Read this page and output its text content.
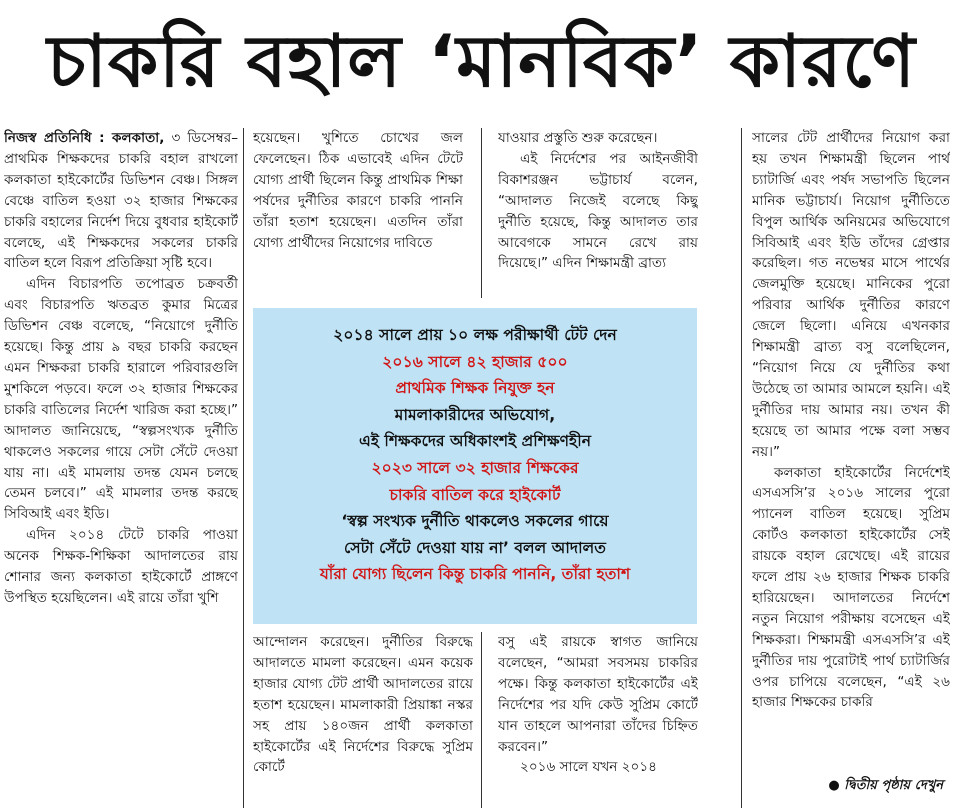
চাকরি বহাল ‘মানবিক’ কারণে

নিজস্ব প্রতিনিধি : কলকাতা, ৩ ডিসেম্বর– প্রাথমিক শিক্ষকদের চাকরি বহাল রাখলো কলকাতা হাইকোর্টের ডিভিশন বেঞ্চ। সিঙ্গল বেঞ্চে বাতিল হওয়া ৩২ হাজার শিক্ষকের চাকরি বহালের নির্দেশ দিয়ে বুধবার হাইকোর্ট বলেছে, এই শিক্ষকদের সকলের চাকরি বাতিল হলে বিরূপ প্রতিক্রিয়া সৃষ্টি হবে।

এদিন বিচারপতি তপোব্রত চক্রবর্তী এবং বিচারপতি ঋতব্রত কুমার মিত্রের ডিভিশন বেঞ্চ বলেছে, “নিয়োগে দুর্নীতি হয়েছে। কিন্তু প্রায় ৯ বছর চাকরি করছেন এমন শিক্ষকরা চাকরি হারালে পরিবারগুলি মুশকিলে পড়বে। ফলে ৩২ হাজার শিক্ষকের চাকরি বাতিলের নির্দেশ খারিজ করা হচ্ছে।” আদালত জানিয়েছে, “স্বল্পসংখ্যক দুর্নীতি থাকলেও সকলের গায়ে সেটা সেঁটে দেওয়া যায় না। এই মামলায় তদন্ত যেমন চলছে তেমন চলবে।” এই মামলার তদন্ত করছে সিবিআই এবং ইডি।

এদিন ২০১৪ টেটে চাকরি পাওয়া অনেক শিক্ষক-শিক্ষিকা আদালতের রায় শোনার জন্য কলকাতা হাইকোর্টে প্রাঙ্গণে উপস্থিত হয়েছিলেন। এই রায়ে তাঁরা খুশি

হয়েছেন। খুশিতে চোখের জল ফেলেছেন। ঠিক এভাবেই এদিন টেটে যোগ্য প্রার্থী ছিলেন কিন্তু প্রাথমিক শিক্ষা পর্ষদের দুর্নীতির কারণে চাকরি পাননি তাঁরা হতাশ হয়েছেন। এতদিন তাঁরা যোগ্য প্রার্থীদের নিয়োগের দাবিতে

যাওয়ার প্রস্তুতি শুরু করেছেন।

এই নির্দেশের পর আইনজীবী বিকাশরঞ্জন ভট্টাচার্য বলেন, “আদালত নিজেই বলেছে কিছু দুর্নীতি হয়েছে, কিন্তু আদালত তার আবেগকে সামনে রেখে রায় দিয়েছে।” এদিন শিক্ষামন্ত্রী ব্রাত্য

২০১৪ সালে প্রায় ১০ লক্ষ পরীক্ষার্থী টেট দেন
২০১৬ সালে ৪২ হাজার ৫০০
প্রাথমিক শিক্ষক নিযুক্ত হন
মামলাকারীদের অভিযোগ,
এই শিক্ষকদের অধিকাংশই প্রশিক্ষণহীন
২০২৩ সালে ৩২ হাজার শিক্ষকের
চাকরি বাতিল করে হাইকোর্ট
‘স্বল্প সংখ্যক দুর্নীতি থাকলেও সকলের গায়ে
সেটা সেঁটে দেওয়া যায় না’ বলল আদালত
যাঁরা যোগ্য ছিলেন কিন্তু চাকরি পাননি, তাঁরা হতাশ

আন্দোলন করেছেন। দুর্নীতির বিরুদ্ধে আদালতে মামলা করেছেন। এমন কয়েক হাজার যোগ্য টেট প্রার্থী আদালতের রায়ে হতাশ হয়েছেন। মামলাকারী প্রিয়াঙ্কা নস্কর সহ প্রায় ১৪০জন প্রার্থী কলকাতা হাইকোর্টের এই নির্দেশের বিরুদ্ধে সুপ্রিম কোর্টে

বসু এই রায়কে স্বাগত জানিয়ে বলেছেন, “আমরা সবসময় চাকরির পক্ষে। কিন্তু কলকাতা হাইকোর্টের এই নির্দেশের পর যদি কেউ সুপ্রিম কোর্টে যান তাহলে আপনারা তাঁদের চিহ্নিত করবেন।”

২০১৬ সালে যখন ২০১৪

সালের টেট প্রার্থীদের নিয়োগ করা হয় তখন শিক্ষামন্ত্রী ছিলেন পার্থ চ্যাটার্জি এবং পর্ষদ সভাপতি ছিলেন মানিক ভট্টাচার্য। নিয়োগ দুর্নীতিতে বিপুল আর্থিক অনিয়মের অভিযোগে সিবিআই এবং ইডি তাঁদের গ্রেপ্তার করেছিল। গত নভেম্বর মাসে পার্থের জেলমুক্তি হয়েছে। মানিকের পুরো পরিবার আর্থিক দুর্নীতির কারণে জেলে ছিলো। এনিয়ে এখনকার শিক্ষামন্ত্রী ব্রাত্য বসু বলেছিলেন, “নিয়োগ নিয়ে যে দুর্নীতির কথা উঠেছে তা আমার আমলে হয়নি। এই দুর্নীতির দায় আমার নয়। তখন কী হয়েছে তা আমার পক্ষে বলা সম্ভব নয়।”

কলকাতা হাইকোর্টের নির্দেশেই এসএসসি’র ২০১৬ সালের পুরো প্যানেল বাতিল হয়েছে। সুপ্রিম কোর্টও কলকাতা হাইকোর্টের সেই রায়কে বহাল রেখেছে। এই রায়ের ফলে প্রায় ২৬ হাজার শিক্ষক চাকরি হারিয়েছেন। আদালতের নির্দেশে নতুন নিয়োগ পরীক্ষায় বসেছেন এই শিক্ষকরা। শিক্ষামন্ত্রী এসএসসি’র এই দুর্নীতির দায় পুরোটাই পার্থ চ্যাটার্জির ওপর চাপিয়ে বলেছেন, “এই ২৬ হাজার শিক্ষকের চাকরি

● দ্বিতীয় পৃষ্ঠায় দেখুন
